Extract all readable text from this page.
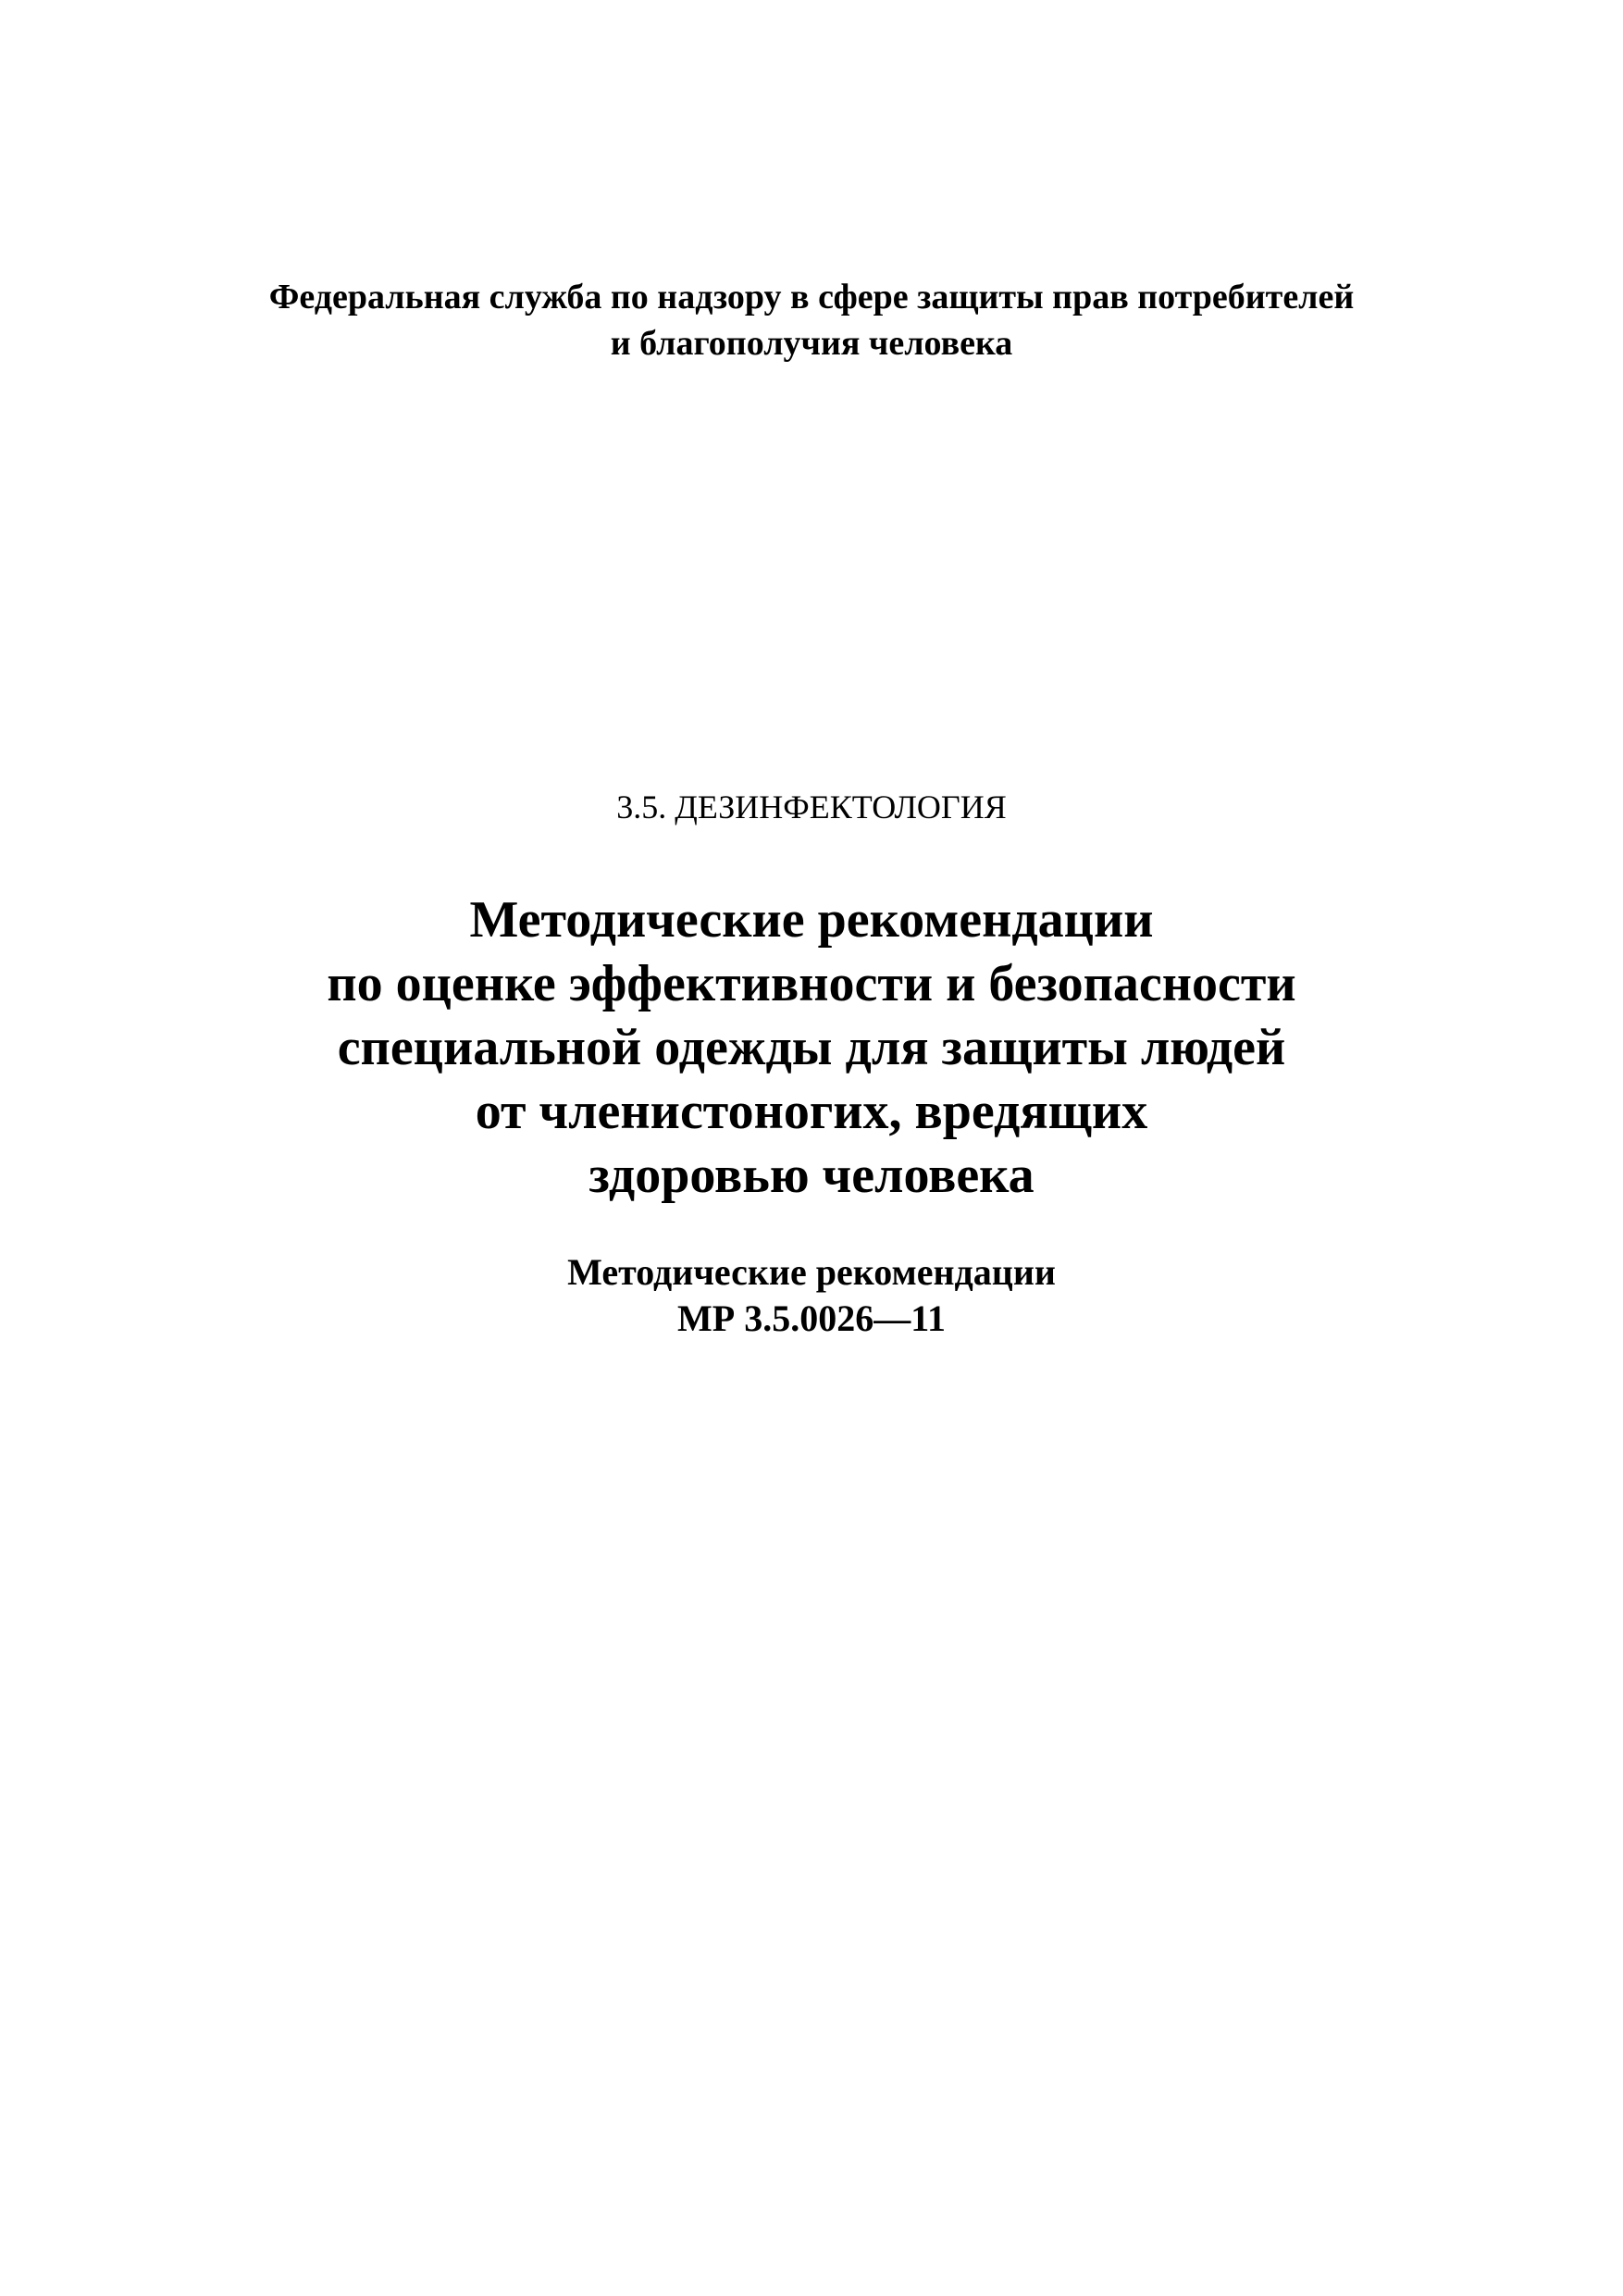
Федеральная служба по надзору в сфере защиты прав потребителей
и благополучия человека
3.5. ДЕЗИНФЕКТОЛОГИЯ
Методические рекомендации
по оценке эффективности и безопасности
специальной одежды для защиты людей
от членистоногих, вредящих
здоровью человека
Методические рекомендации
МР 3.5.0026—11
